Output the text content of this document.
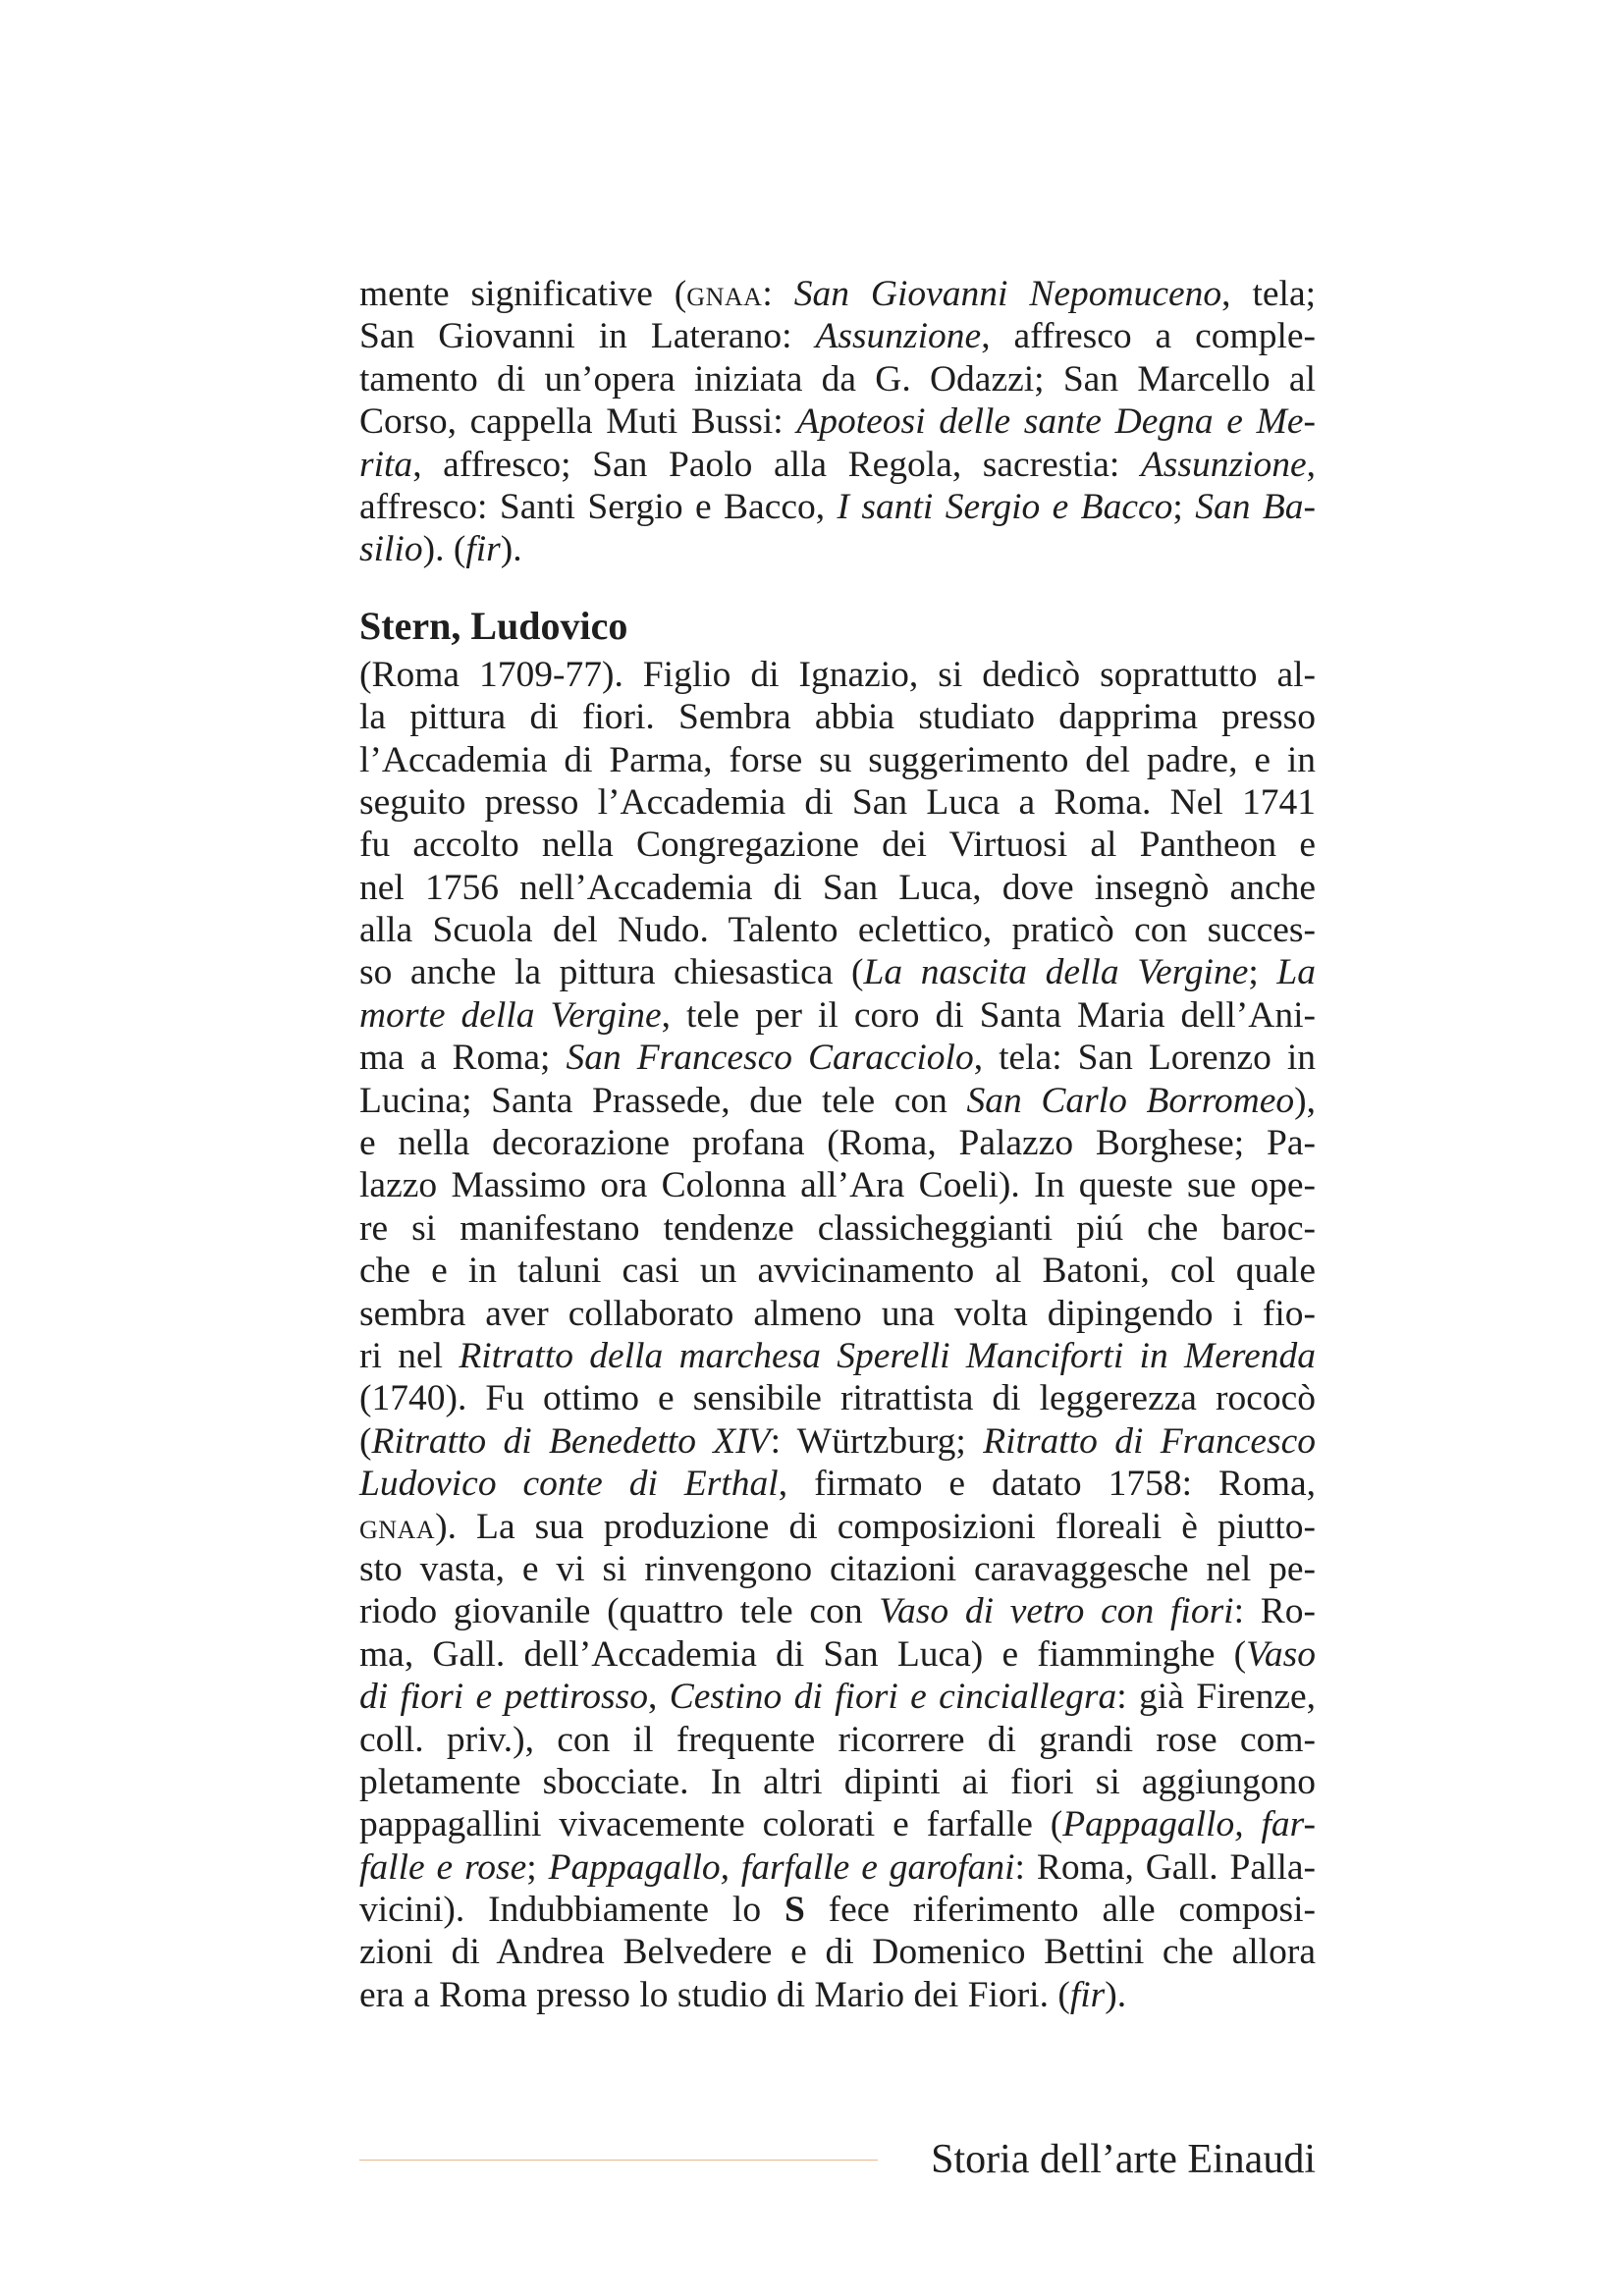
mente significative (gnaa: San Giovanni Nepomuceno, tela;
San Giovanni in Laterano: Assunzione, affresco a comple-
tamento di un’opera iniziata da G. Odazzi; San Marcello al
Corso, cappella Muti Bussi: Apoteosi delle sante Degna e Me-
rita, affresco; San Paolo alla Regola, sacrestia: Assunzione,
affresco: Santi Sergio e Bacco, I santi Sergio e Bacco; San Ba-
silio). (fir).
Stern, Ludovico
(Roma 1709-77). Figlio di Ignazio, si dedicò soprattutto al-
la pittura di fiori. Sembra abbia studiato dapprima presso
l’Accademia di Parma, forse su suggerimento del padre, e in
seguito presso l’Accademia di San Luca a Roma. Nel 1741
fu accolto nella Congregazione dei Virtuosi al Pantheon e
nel 1756 nell’Accademia di San Luca, dove insegnò anche
alla Scuola del Nudo. Talento eclettico, praticò con succes-
so anche la pittura chiesastica (La nascita della Vergine; La
morte della Vergine, tele per il coro di Santa Maria dell’Ani-
ma a Roma; San Francesco Caracciolo, tela: San Lorenzo in
Lucina; Santa Prassede, due tele con San Carlo Borromeo),
e nella decorazione profana (Roma, Palazzo Borghese; Pa-
lazzo Massimo ora Colonna all’Ara Coeli). In queste sue ope-
re si manifestano tendenze classicheggianti piú che baroc-
che e in taluni casi un avvicinamento al Batoni, col quale
sembra aver collaborato almeno una volta dipingendo i fio-
ri nel Ritratto della marchesa Sperelli Manciforti in Merenda
(1740). Fu ottimo e sensibile ritrattista di leggerezza rococò
(Ritratto di Benedetto XIV: Würtzburg; Ritratto di Francesco
Ludovico conte di Erthal, firmato e datato 1758: Roma,
gnaa). La sua produzione di composizioni floreali è piutto-
sto vasta, e vi si rinvengono citazioni caravaggesche nel pe-
riodo giovanile (quattro tele con Vaso di vetro con fiori: Ro-
ma, Gall. dell’Accademia di San Luca) e fiamminghe (Vaso
di fiori e pettirosso, Cestino di fiori e cinciallegra: già Firenze,
coll. priv.), con il frequente ricorrere di grandi rose com-
pletamente sbocciate. In altri dipinti ai fiori si aggiungono
pappagallini vivacemente colorati e farfalle (Pappagallo, far-
falle e rose; Pappagallo, farfalle e garofani: Roma, Gall. Palla-
vicini). Indubbiamente lo S fece riferimento alle composi-
zioni di Andrea Belvedere e di Domenico Bettini che allora
era a Roma presso lo studio di Mario dei Fiori. (fir).
Storia dell’arte Einaudi
